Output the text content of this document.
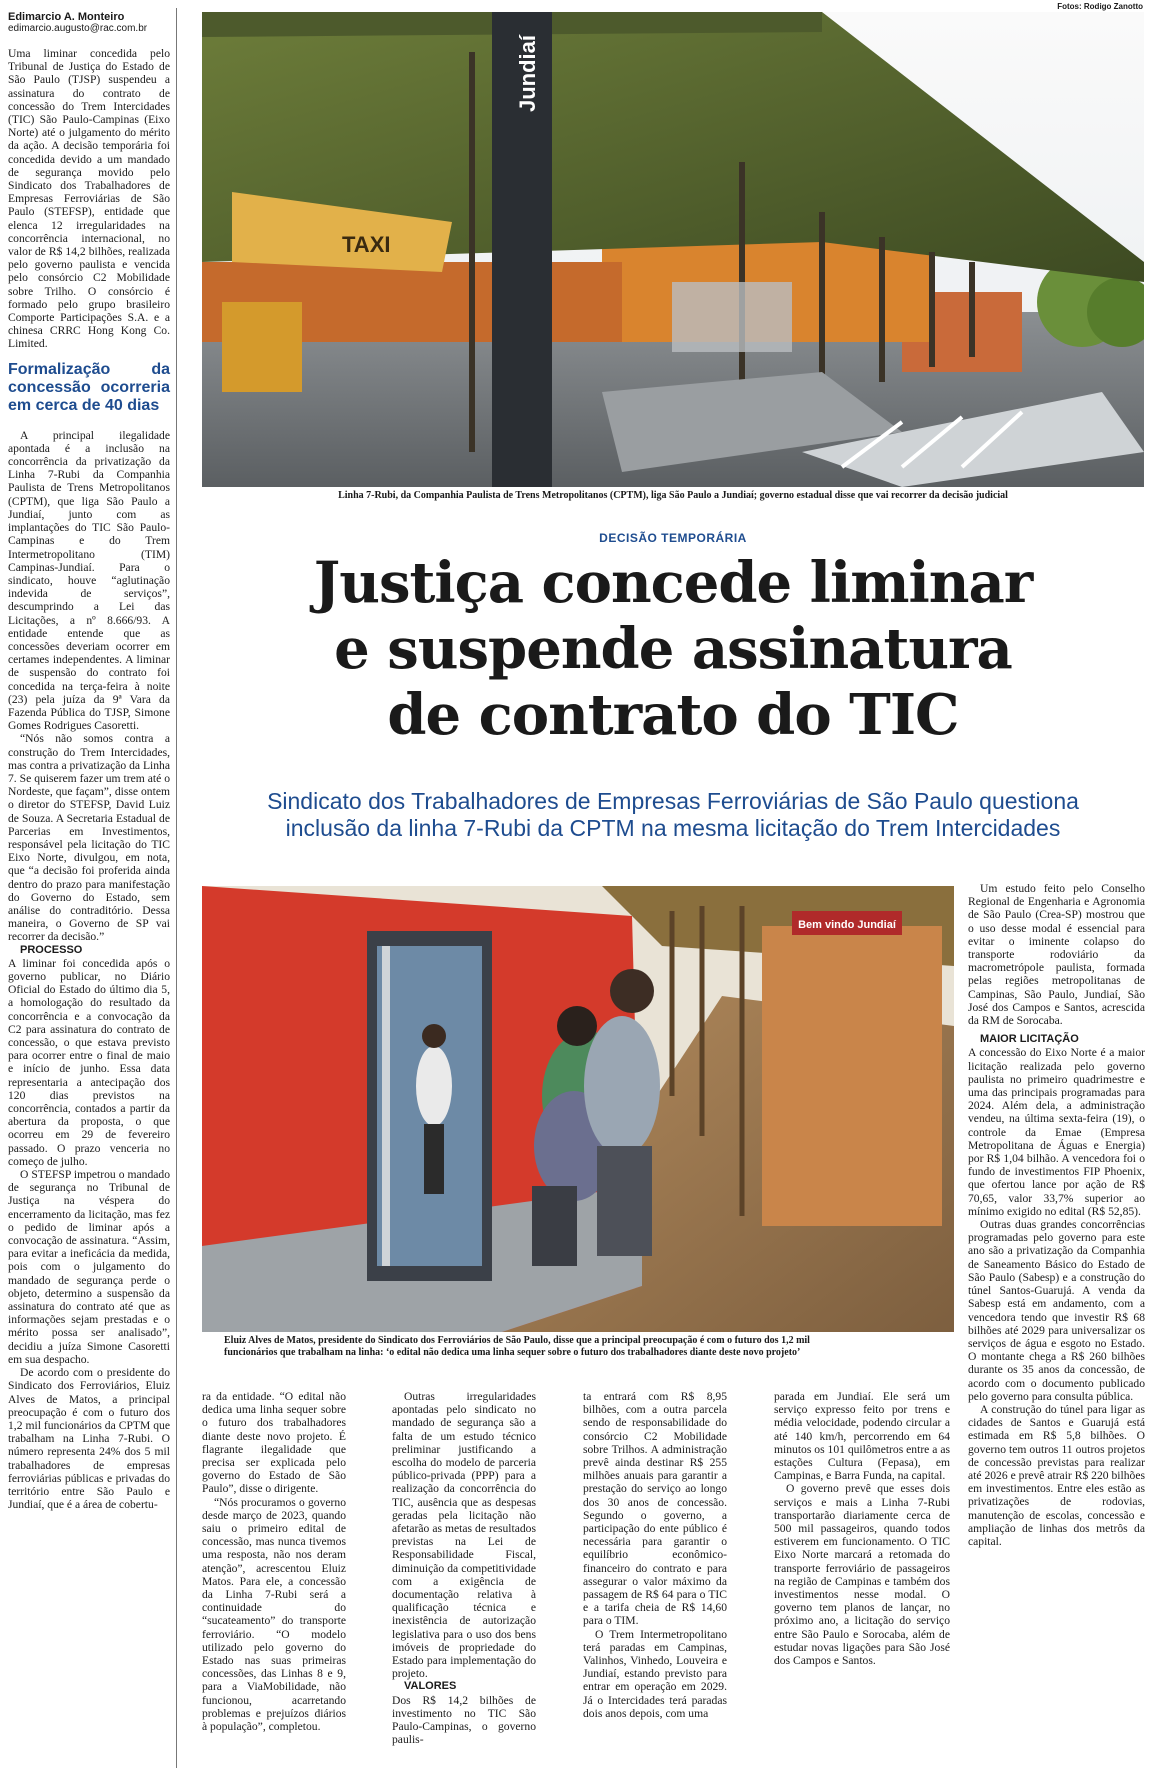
Edimarcio A. Monteiro
edimarcio.augusto@rac.com.br

Uma liminar concedida pelo Tribunal de Justiça do Estado de São Paulo (TJSP) suspendeu a assinatura do contrato de concessão do Trem Intercidades (TIC) São Paulo-Campinas (Eixo Norte) até o julgamento do mérito da ação. A decisão temporária foi concedida devido a um mandado de segurança movido pelo Sindicato dos Trabalhadores de Empresas Ferroviárias de São Paulo (STEFSP), entidade que elenca 12 irregularidades na concorrência internacional, no valor de R$ 14,2 bilhões, realizada pelo governo paulista e vencida pelo consórcio C2 Mobilidade sobre Trilho. O consórcio é formado pelo grupo brasileiro Comporte Participações S.A. e a chinesa CRRC Hong Kong Co. Limited.

Formalização da concessão ocorreria em cerca de 40 dias

A principal ilegalidade apontada é a inclusão na concorrência da privatização da Linha 7-Rubi da Companhia Paulista de Trens Metropolitanos (CPTM), que liga São Paulo a Jundiaí, junto com as implantações do TIC São Paulo-Campinas e do Trem Intermetropolitano (TIM) Campinas-Jundiaí. Para o sindicato, houve “aglutinação indevida de serviços”, descumprindo a Lei das Licitações, a nº 8.666/93. A entidade entende que as concessões deveriam ocorrer em certames independentes. A liminar de suspensão do contrato foi concedida na terça-feira à noite (23) pela juíza da 9ª Vara da Fazenda Pública do TJSP, Simone Gomes Rodrigues Casoretti.

“Nós não somos contra a construção do Trem Intercidades, mas contra a privatização da Linha 7. Se quiserem fazer um trem até o Nordeste, que façam”, disse ontem o diretor do STEFSP, David Luiz de Souza. A Secretaria Estadual de Parcerias em Investimentos, responsável pela licitação do TIC Eixo Norte, divulgou, em nota, que “a decisão foi proferida ainda dentro do prazo para manifestação do Governo do Estado, sem análise do contraditório. Dessa maneira, o Governo de SP vai recorrer da decisão.”

PROCESSO

A liminar foi concedida após o governo publicar, no Diário Oficial do Estado do último dia 5, a homologação do resultado da concorrência e a convocação da C2 para assinatura do contrato de concessão, o que estava previsto para ocorrer entre o final de maio e início de junho. Essa data representaria a antecipação dos 120 dias previstos na concorrência, contados a partir da abertura da proposta, o que ocorreu em 29 de fevereiro passado. O prazo venceria no começo de julho.

O STEFSP impetrou o mandado de segurança no Tribunal de Justiça na véspera do encerramento da licitação, mas fez o pedido de liminar após a convocação de assinatura. “Assim, para evitar a ineficácia da medida, pois com o julgamento do mandado de segurança perde o objeto, determino a suspensão da assinatura do contrato até que as informações sejam prestadas e o mérito possa ser analisado”, decidiu a juíza Simone Casoretti em sua despacho.

De acordo com o presidente do Sindicato dos Ferroviários, Eluiz Alves de Matos, a principal preocupação é com o futuro dos 1,2 mil funcionários da CPTM que trabalham na Linha 7-Rubi. O número representa 24% dos 5 mil trabalhadores de empresas ferroviárias públicas e privadas do território entre São Paulo e Jundiaí, que é a área de cobertu-

Fotos: Rodigo Zanotto
TAXI
Jundiaí
Linha 7-Rubi, da Companhia Paulista de Trens Metropolitanos (CPTM), liga São Paulo a Jundiaí; governo estadual disse que vai recorrer da decisão judicial
DECISÃO TEMPORÁRIA
Justiça concede liminar
e suspende assinatura
de contrato do TIC
Sindicato dos Trabalhadores de Empresas Ferroviárias de São Paulo questiona
inclusão da linha 7-Rubi da CPTM na mesma licitação do Trem Intercidades
Bem vindo Jundiaí
Eluiz Alves de Matos, presidente do Sindicato dos Ferroviários de São Paulo, disse que a principal preocupação é com o futuro dos 1,2 mil
funcionários que trabalham na linha: ‘o edital não dedica uma linha sequer sobre o futuro dos trabalhadores diante deste novo projeto’

ra da entidade. “O edital não dedica uma linha sequer sobre o futuro dos trabalhadores diante deste novo projeto. É flagrante ilegalidade que precisa ser explicada pelo governo do Estado de São Paulo”, disse o dirigente.

“Nós procuramos o governo desde março de 2023, quando saiu o primeiro edital de concessão, mas nunca tivemos uma resposta, não nos deram atenção”, acrescentou Eluiz Matos. Para ele, a concessão da Linha 7-Rubi será a continuidade do “sucateamento” do transporte ferroviário. “O modelo utilizado pelo governo do Estado nas suas primeiras concessões, das Linhas 8 e 9, para a ViaMobilidade, não funcionou, acarretando problemas e prejuízos diários à população”, completou.

Outras irregularidades apontadas pelo sindicato no mandado de segurança são a falta de um estudo técnico preliminar justificando a escolha do modelo de parceria público-privada (PPP) para a realização da concorrência do TIC, ausência que as despesas geradas pela licitação não afetarão as metas de resultados previstas na Lei de Responsabilidade Fiscal, diminuição da competitividade com a exigência de documentação relativa à qualificação técnica e inexistência de autorização legislativa para o uso dos bens imóveis de propriedade do Estado para implementação do projeto.

VALORES

Dos R$ 14,2 bilhões de investimento no TIC São Paulo-Campinas, o governo paulis-

ta entrará com R$ 8,95 bilhões, com a outra parcela sendo de responsabilidade do consórcio C2 Mobilidade sobre Trilhos. A administração prevê ainda destinar R$ 255 milhões anuais para garantir a prestação do serviço ao longo dos 30 anos de concessão. Segundo o governo, a participação do ente público é necessária para garantir o equilíbrio econômico-financeiro do contrato e para assegurar o valor máximo da passagem de R$ 64 para o TIC e a tarifa cheia de R$ 14,60 para o TIM.

O Trem Intermetropolitano terá paradas em Campinas, Valinhos, Vinhedo, Louveira e Jundiaí, estando previsto para entrar em operação em 2029. Já o Intercidades terá paradas dois anos depois, com uma

parada em Jundiaí. Ele será um serviço expresso feito por trens e média velocidade, podendo circular a até 140 km/h, percorrendo em 64 minutos os 101 quilômetros entre a as estações Cultura (Fepasa), em Campinas, e Barra Funda, na capital.

O governo prevê que esses dois serviços e mais a Linha 7-Rubi transportarão diariamente cerca de 500 mil passageiros, quando todos estiverem em funcionamento. O TIC Eixo Norte marcará a retomada do transporte ferroviário de passageiros na região de Campinas e também dos investimentos nesse modal. O governo tem planos de lançar, no próximo ano, a licitação do serviço entre São Paulo e Sorocaba, além de estudar novas ligações para São José dos Campos e Santos.

Um estudo feito pelo Conselho Regional de Engenharia e Agronomia de São Paulo (Crea-SP) mostrou que o uso desse modal é essencial para evitar o iminente colapso do transporte rodoviário da macrometrópole paulista, formada pelas regiões metropolitanas de Campinas, São Paulo, Jundiaí, São José dos Campos e Santos, acrescida da RM de Sorocaba.

MAIOR LICITAÇÃO

A concessão do Eixo Norte é a maior licitação realizada pelo governo paulista no primeiro quadrimestre e uma das principais programadas para 2024. Além dela, a administração vendeu, na última sexta-feira (19), o controle da Emae (Empresa Metropolitana de Águas e Energia) por R$ 1,04 bilhão. A vencedora foi o fundo de investimentos FIP Phoenix, que ofertou lance por ação de R$ 70,65, valor 33,7% superior ao mínimo exigido no edital (R$ 52,85).

Outras duas grandes concorrências programadas pelo governo para este ano são a privatização da Companhia de Saneamento Básico do Estado de São Paulo (Sabesp) e a construção do túnel Santos-Guarujá. A venda da Sabesp está em andamento, com a vencedora tendo que investir R$ 68 bilhões até 2029 para universalizar os serviços de água e esgoto no Estado. O montante chega a R$ 260 bilhões durante os 35 anos da concessão, de acordo com o documento publicado pelo governo para consulta pública.

A construção do túnel para ligar as cidades de Santos e Guarujá está estimada em R$ 5,8 bilhões. O governo tem outros 11 outros projetos de concessão previstas para realizar até 2026 e prevê atrair R$ 220 bilhões em investimentos. Entre eles estão as privatizações de rodovias, manutenção de escolas, concessão e ampliação de linhas dos metrôs da capital.
